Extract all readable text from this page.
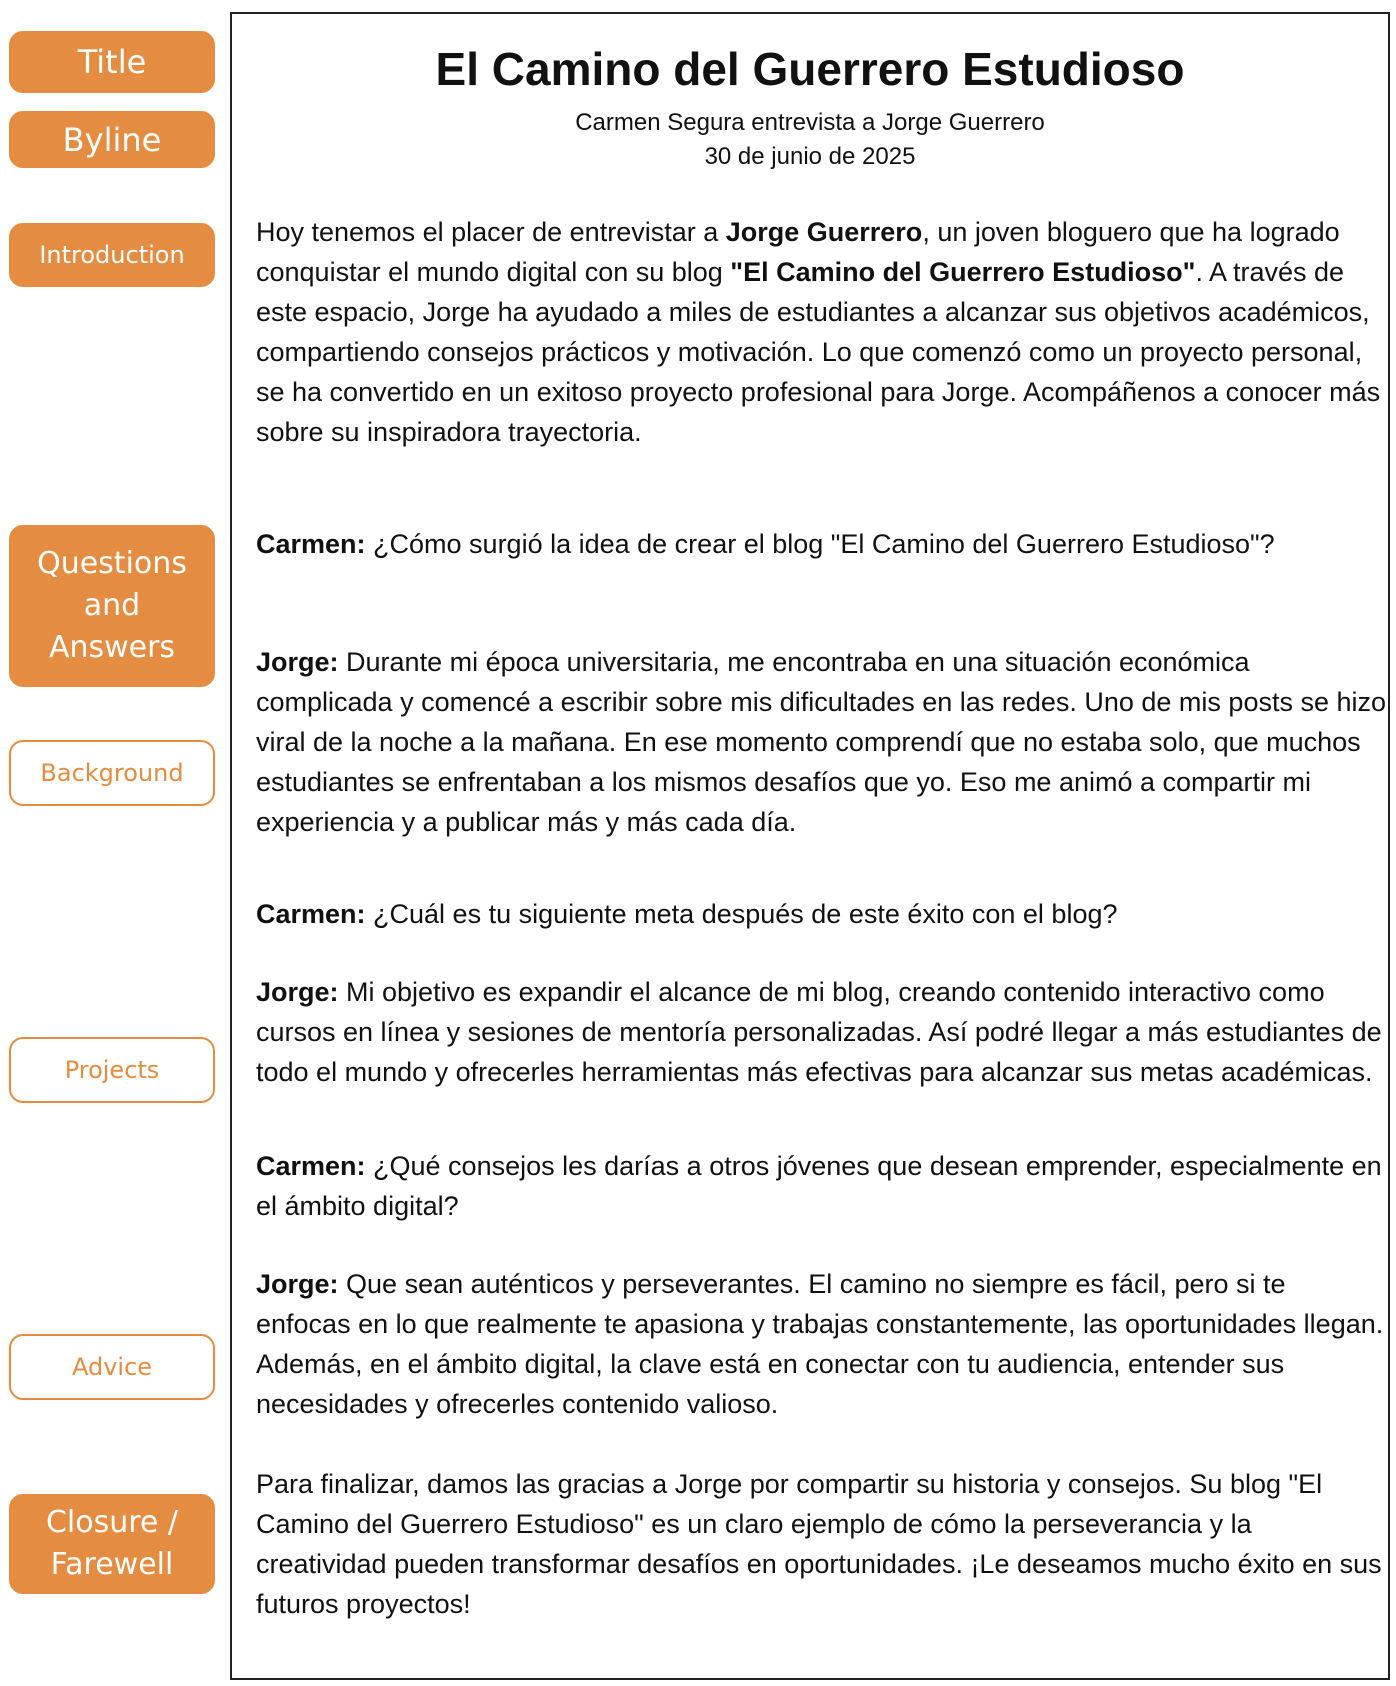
Title
Byline
Introduction
Questions
and
Answers
Background
Projects
Advice
Closure /
Farewell
El Camino del Guerrero Estudioso
Carmen Segura entrevista a Jorge Guerrero
30 de junio de 2025

Hoy tenemos el placer de entrevistar a Jorge Guerrero, un joven bloguero que ha logrado conquistar el mundo digital con su blog "El Camino del Guerrero Estudioso". A través de este espacio, Jorge ha ayudado a miles de estudiantes a alcanzar sus objetivos académicos, compartiendo consejos prácticos y motivación. Lo que comenzó como un proyecto personal, se ha convertido en un exitoso proyecto profesional para Jorge. Acompáñenos a conocer más sobre su inspiradora trayectoria.

Carmen: ¿Cómo surgió la idea de crear el blog "El Camino del Guerrero Estudioso"?

Jorge: Durante mi época universitaria, me encontraba en una situación económica complicada y comencé a escribir sobre mis dificultades en las redes. Uno de mis posts se hizo viral de la noche a la mañana. En ese momento comprendí que no estaba solo, que muchos estudiantes se enfrentaban a los mismos desafíos que yo. Eso me animó a compartir mi experiencia y a publicar más y más cada día.

Carmen: ¿Cuál es tu siguiente meta después de este éxito con el blog?

Jorge: Mi objetivo es expandir el alcance de mi blog, creando contenido interactivo como cursos en línea y sesiones de mentoría personalizadas. Así podré llegar a más estudiantes de todo el mundo y ofrecerles herramientas más efectivas para alcanzar sus metas académicas.

Carmen: ¿Qué consejos les darías a otros jóvenes que desean emprender, especialmente en el ámbito digital?

Jorge: Que sean auténticos y perseverantes. El camino no siempre es fácil, pero si te enfocas en lo que realmente te apasiona y trabajas constantemente, las oportunidades llegan. Además, en el ámbito digital, la clave está en conectar con tu audiencia, entender sus necesidades y ofrecerles contenido valioso.

Para finalizar, damos las gracias a Jorge por compartir su historia y consejos. Su blog "El Camino del Guerrero Estudioso" es un claro ejemplo de cómo la perseverancia y la creatividad pueden transformar desafíos en oportunidades. ¡Le deseamos mucho éxito en sus futuros proyectos!
